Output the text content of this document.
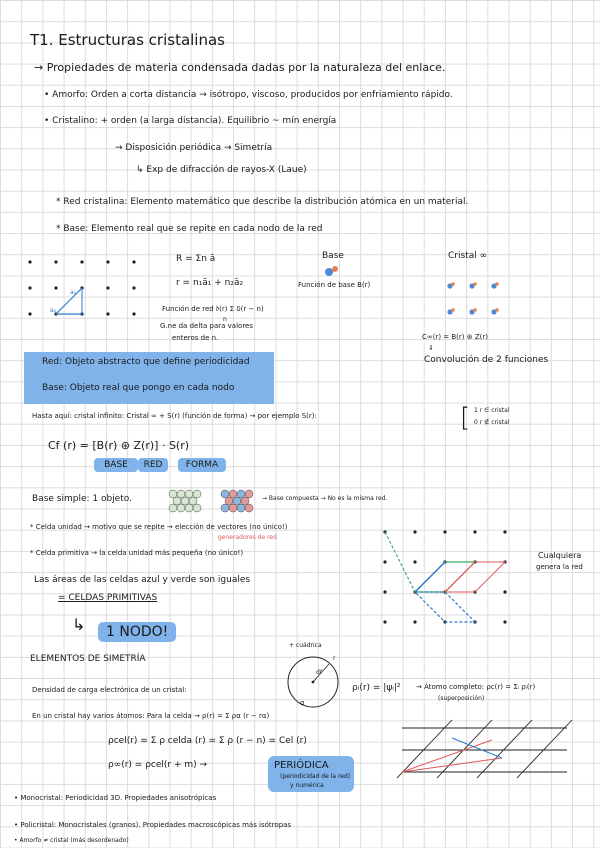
T1. Estructuras cristalinas
→ Propiedades de materia condensada dadas por la naturaleza del enlace.
• Amorfo: Orden a corta distancia → isótropo, viscoso, producidos por enfriamiento rápido.
• Cristalino: + orden (a larga distancia). Equilibrio ~ mín energía
→ Disposición periódica → Simetría
↳ Exp de difracción de rayos-X (Laue)
* Red cristalina: Elemento matemático que describe la distribución atómica en un material.
* Base: Elemento real que se repite en cada nodo de la red
a₁
a₂
R = Σn ā
r = n₁ā₁ + n₂ā₂
Función de red 𝔡(r) Σ δ(r − n)
n
G.ne da delta para valores
enteros de n.
Base
Función de base B(r)
Cristal ∞
C∞(r) = B(r) ⊛ Z(r)
⇓
Convolución de 2 funciones
Red: Objeto abstracto que define periodicidad
Base: Objeto real que pongo en cada nodo
Hasta aquí: cristal infinito: Cristal ∞ + S(r) (función de forma) → por ejemplo S(r):	[ 1 r ∈ cristal
0 r ∉ cristal
Cf (r) = [B(r) ⊛ Z(r)] · S(r)
BASE	RED	FORMA
Base simple: 1 objeto.	→ Base compuesta → No es la misma red.
* Celda unidad → motivo que se repite → elección de vectores (no único!)
generadores de red
* Celda primitiva → la celda unidad más pequeña (no único!)	Cualquiera
genera la red
Las áreas de las celdas azul y verde son iguales
= CELDAS PRIMITIVAS
↳	1 NODO!
+ cuádrica
ELEMENTOS DE SIMETRÍA	r
dr̄
α
Densidad de carga electrónica de un cristal:	ρᵢ(r) = |ψᵢ|² → Átomo completo: ρc(r) = Σᵢ ρᵢ(r)
(superposición)
En un cristal hay varios átomos: Para la celda → ρ(r) = Σ ρα (r − rα)
ρcel(r) = Σ ρ celda (r) = Σ ρ (r − n) = Cel (r)
ρ∞(r) = ρcel(r + m) →	PERIÓDICA
(periodicidad de la red)
y numérica
• Monocristal: Periodicidad 3D. Propiedades anisotrópicas
• Policristal: Monocristales (granos). Propiedades macroscópicas más isótropas
• Amorfo ≠ cristal (más desordenado)
